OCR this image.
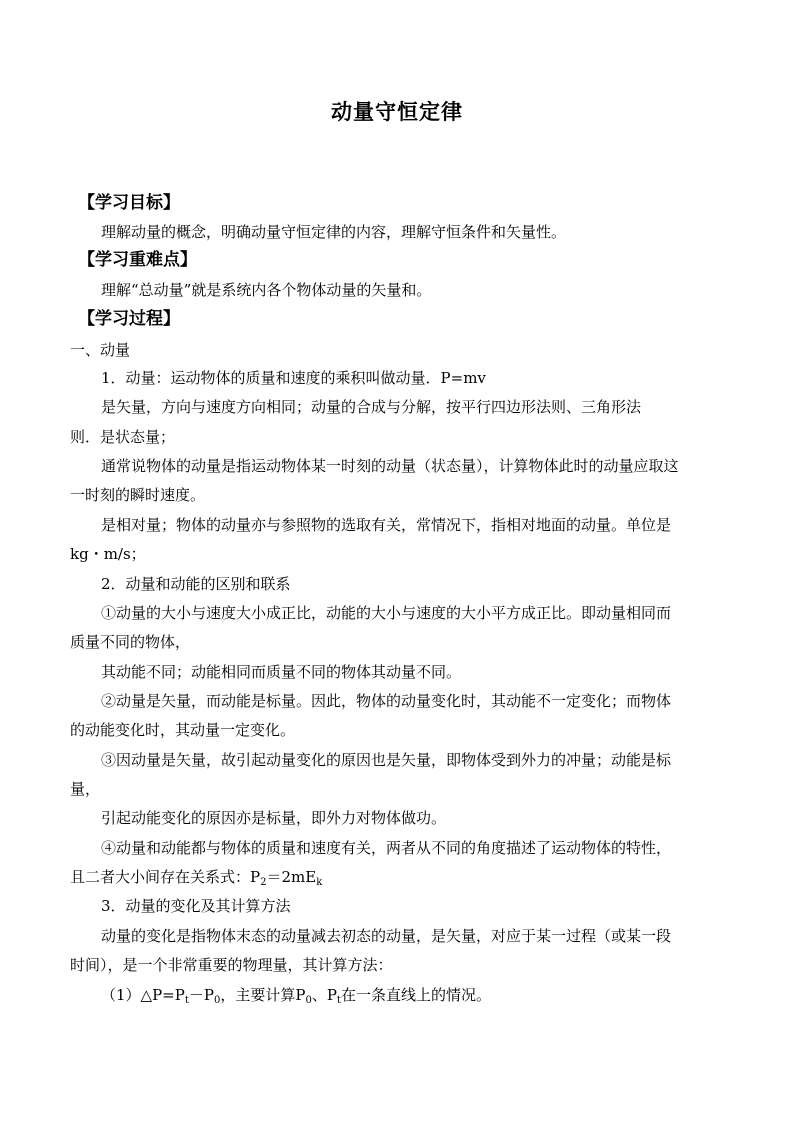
动量守恒定律
【学习目标】
理解动量的概念，明确动量守恒定律的内容，理解守恒条件和矢量性。
【学习重难点】
理解“总动量”就是系统内各个物体动量的矢量和。
【学习过程】
一、动量
1．动量：运动物体的质量和速度的乘积叫做动量．P=mv
是矢量，方向与速度方向相同；动量的合成与分解，按平行四边形法则、三角形法
则．是状态量；
通常说物体的动量是指运动物体某一时刻的动量（状态量），计算物体此时的动量应取这
一时刻的瞬时速度。
是相对量；物体的动量亦与参照物的选取有关，常情况下，指相对地面的动量。单位是
kg・m/s；
2．动量和动能的区别和联系
①动量的大小与速度大小成正比，动能的大小与速度的大小平方成正比。即动量相同而
质量不同的物体，
其动能不同；动能相同而质量不同的物体其动量不同。
②动量是矢量，而动能是标量。因此，物体的动量变化时，其动能不一定变化；而物体
的动能变化时，其动量一定变化。
③因动量是矢量，故引起动量变化的原因也是矢量，即物体受到外力的冲量；动能是标
量，
引起动能变化的原因亦是标量，即外力对物体做功。
④动量和动能都与物体的质量和速度有关，两者从不同的角度描述了运动物体的特性，
且二者大小间存在关系式：$P_2=2mE_k$
3．动量的变化及其计算方法
动量的变化是指物体末态的动量减去初态的动量，是矢量，对应于某一过程（或某一段
时间），是一个非常重要的物理量，其计算方法：
$(1)\triangle P=P_t-P_0$，主要计算$P_0$、$P_t$在一条直线上的情况。
